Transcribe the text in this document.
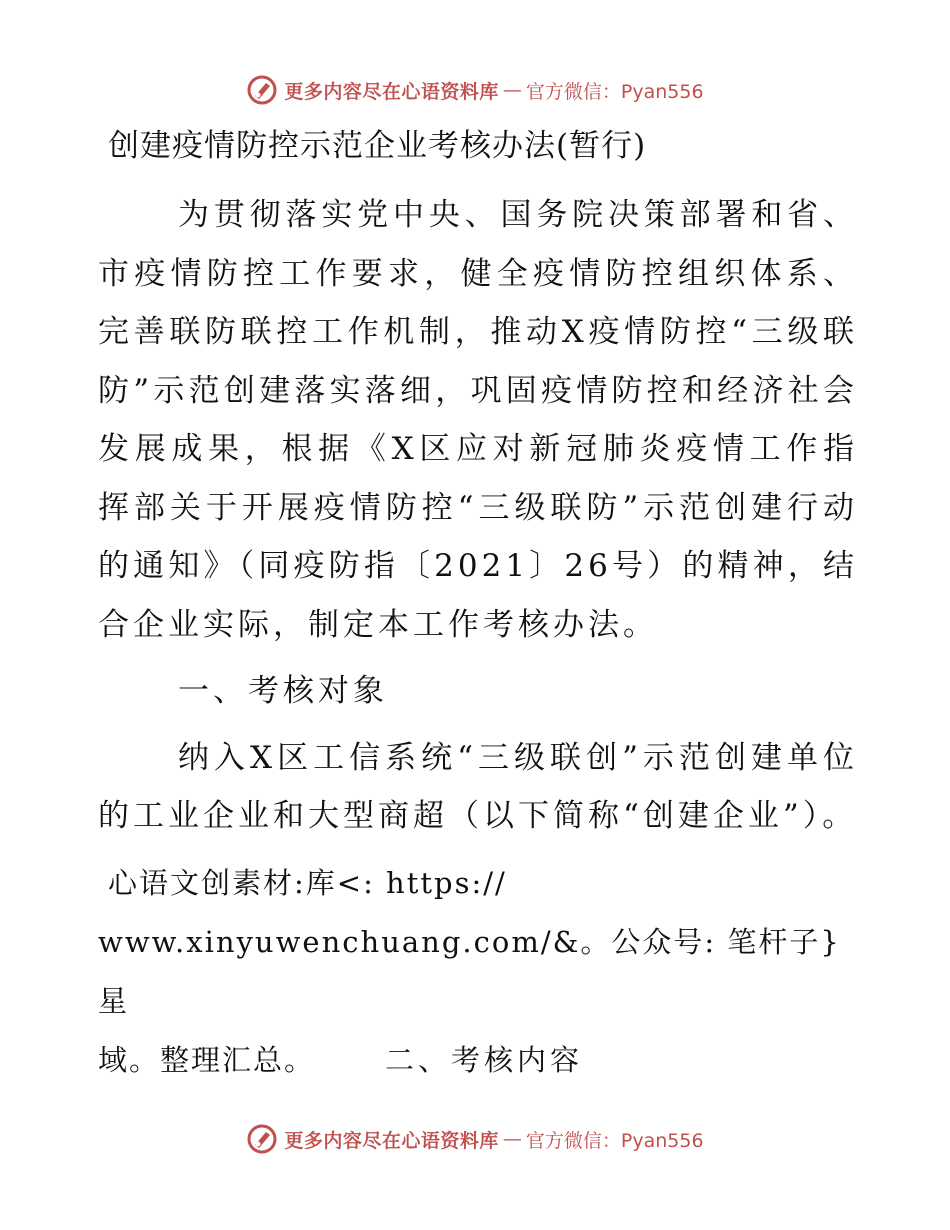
更多内容尽在心语资料库 — 官方微信：Pyan556
创建疫情防控示范企业考核办法(暂行)

为贯彻落实党中央、国务院决策部署和省、市疫情防控工作要求，健全疫情防控组织体系、完善联防联控工作机制，推动X疫情防控“三级联防”示范创建落实落细，巩固疫情防控和经济社会发展成果，根据《X区应对新冠肺炎疫情工作指挥部关于开展疫情防控“三级联防”示范创建行动的通知》（同疫防指〔2021〕26号）的精神，结合企业实际，制定本工作考核办法。

一、考核对象

纳入X区工信系统“三级联创”示范创建单位的工业企业和大型商超（以下简称“创建企业”）。

心语文创素材:库<: https://
www.xinyuwenchuang.com/&。公众号: 笔杆子}星
域。整理汇总。 二、考核内容

更多内容尽在心语资料库 — 官方微信：Pyan556
